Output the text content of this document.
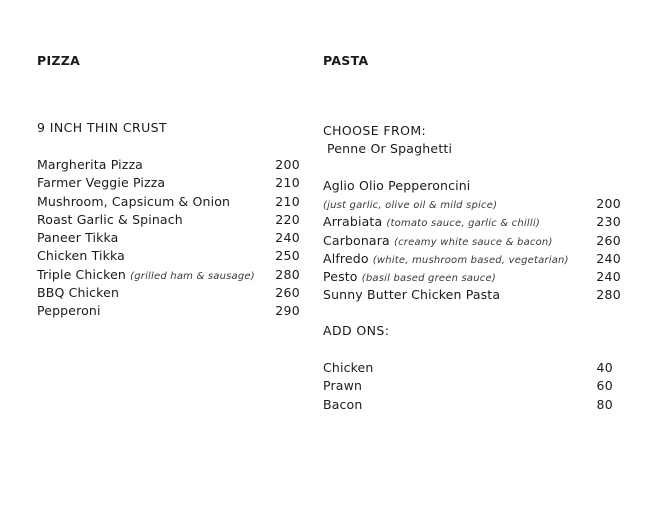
PIZZA
9 INCH THIN CRUST
Margherita Pizza	200
Farmer Veggie Pizza	210
Mushroom, Capsicum & Onion	210
Roast Garlic & Spinach	220
Paneer Tikka	240
Chicken Tikka	250
Triple Chicken (grilled ham & sausage) 280
BBQ Chicken	260
Pepperoni	290
PASTA
CHOOSE FROM:
Penne Or Spaghetti
Aglio Olio Pepperoncini
(just garlic, olive oil & mild spice)	200
Arrabiata (tomato sauce, garlic & chilli)	230
Carbonara (creamy white sauce & bacon)	260
Alfredo (white, mushroom based, vegetarian) 240
Pesto (basil based green sauce)	240
Sunny Butter Chicken Pasta	280
ADD ONS:
Chicken	40
Prawn	60
Bacon	80
